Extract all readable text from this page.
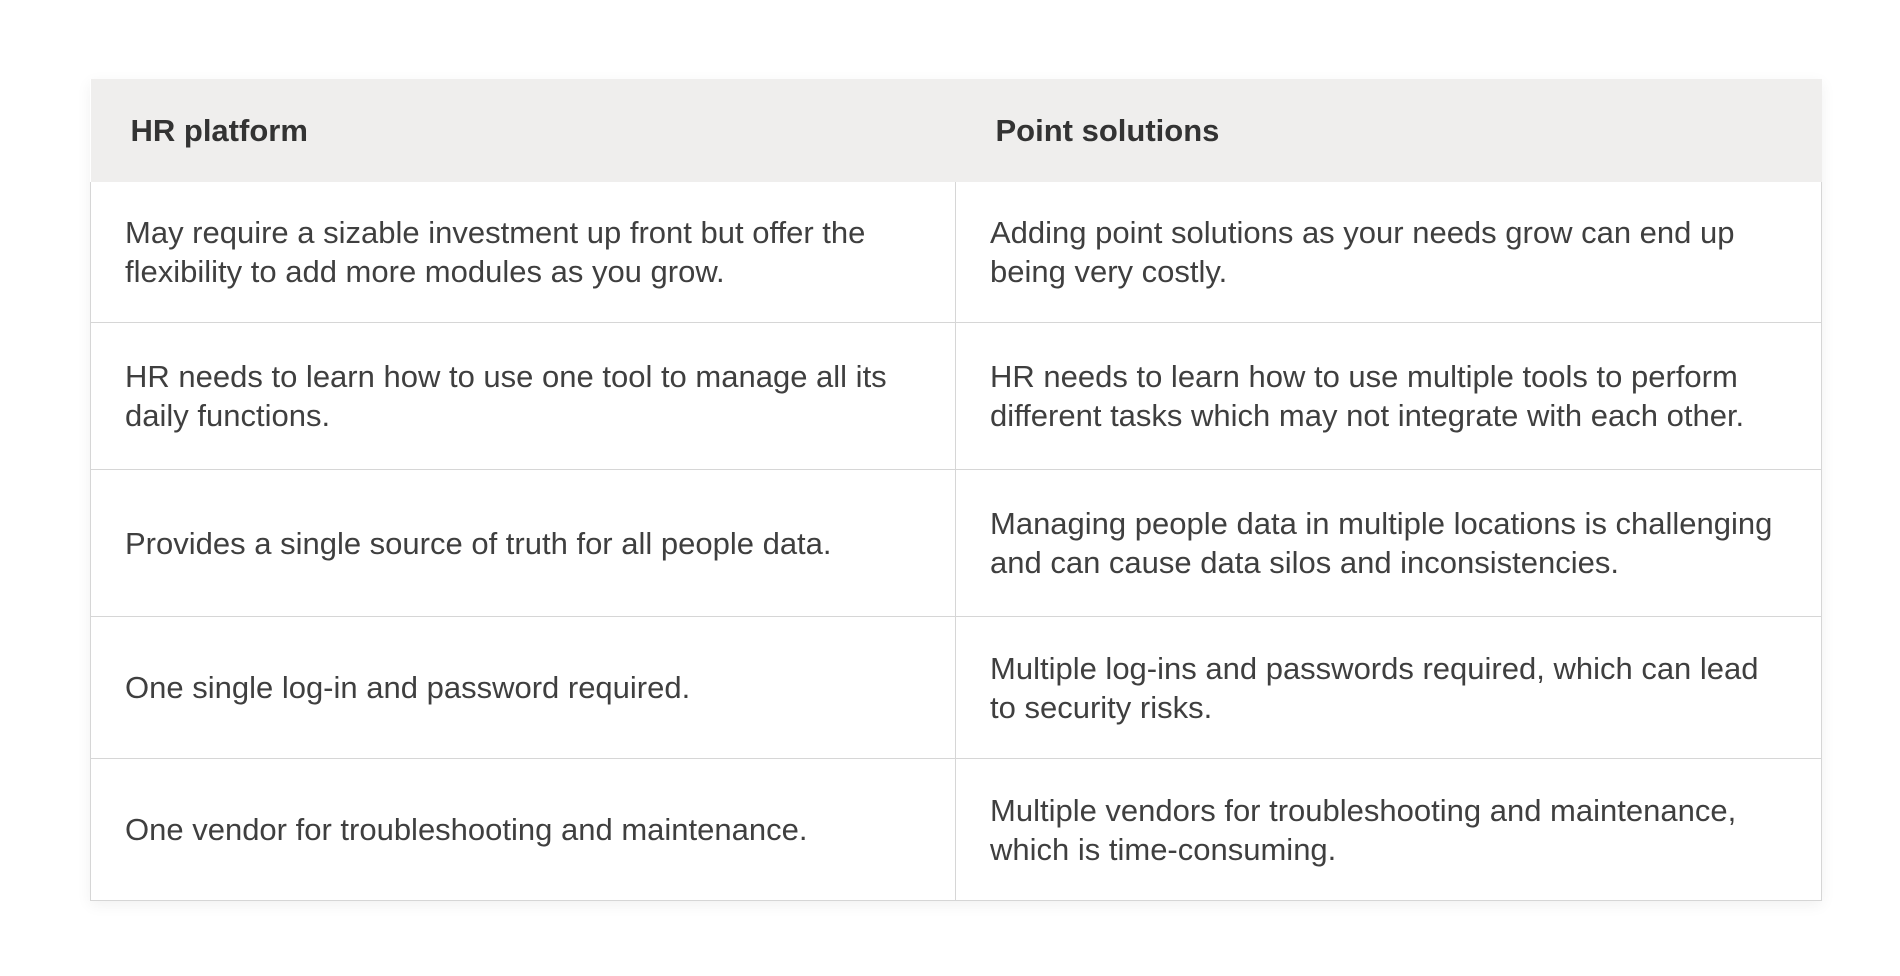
HR platform	Point solutions
May require a sizable investment up front but offer the flexibility to add more modules as you grow.	Adding point solutions as your needs grow can end up being very costly.
HR needs to learn how to use one tool to manage all its daily functions.	HR needs to learn how to use multiple tools to perform different tasks which may not integrate with each other.
Provides a single source of truth for all people data.	Managing people data in multiple locations is challenging and can cause data silos and inconsistencies.
One single log-in and password required.	Multiple log-ins and passwords required, which can lead to security risks.
One vendor for troubleshooting and maintenance.	Multiple vendors for troubleshooting and maintenance, which is time-consuming.
